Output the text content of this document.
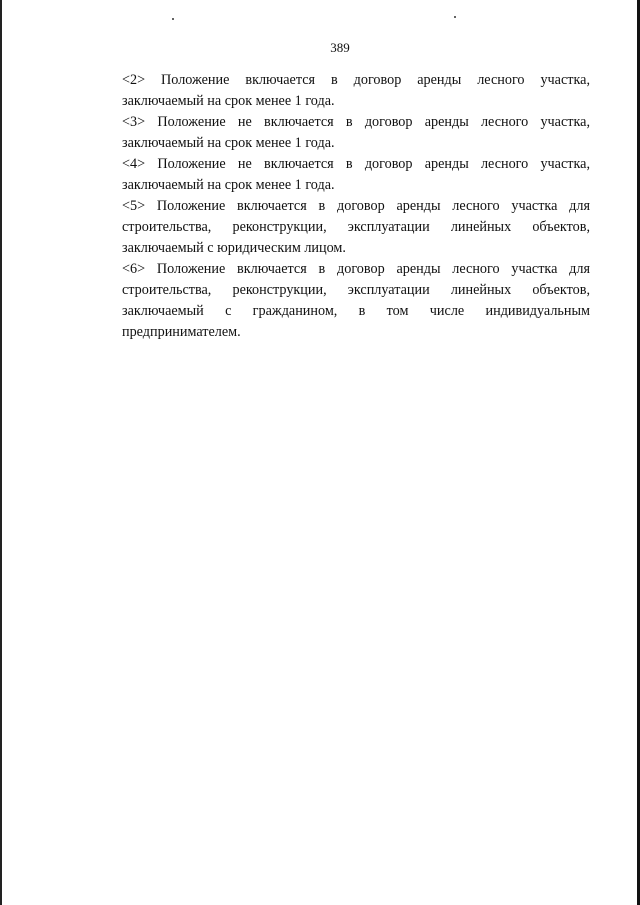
389

<2> Положение включается в договор аренды лесного участка,
заключаемый на срок менее 1 года.

<3> Положение не включается в договор аренды лесного участка,
заключаемый на срок менее 1 года.

<4> Положение не включается в договор аренды лесного участка,
заключаемый на срок менее 1 года.

<5> Положение включается в договор аренды лесного участка для
строительства, реконструкции, эксплуатации линейных объектов,
заключаемый с юридическим лицом.

<6> Положение включается в договор аренды лесного участка для
строительства, реконструкции, эксплуатации линейных объектов,
заключаемый с гражданином, в том числе индивидуальным
предпринимателем.
